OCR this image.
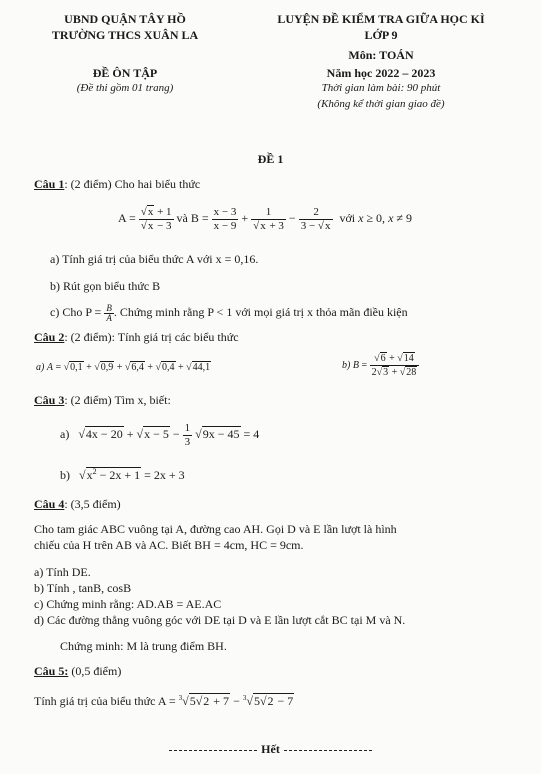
UBND QUẬN TÂY HỒ
TRƯỜNG THCS XUÂN LA
ĐỀ ÔN TẬP
(Đề thi gồm 01 trang)
LUYỆN ĐỀ KIỂM TRA GIỮA HỌC KÌ
LỚP 9
Môn: TOÁN
Năm học 2022 – 2023
Thời gian làm bài: 90 phút
(Không kể thời gian giao đề)
ĐỀ 1
Câu 1: (2 điểm) Cho hai biểu thức
$A = \frac{√x + 1}{√x - 3}$ và $B = \frac{x - 3}{x - 9} + \frac{1}{√x + 3} - \frac{2}{3 - √x}$ với x ≥ 0, x ≠ 9
a) Tính giá trị của biểu thức A với x = 0,16.
b) Rút gọn biểu thức B
c) Cho $P = \frac{B}{A}$ . Chứng minh rằng P < 1 với mọi giá trị x thỏa mãn điều kiện
Câu 2: (2 điểm): Tính giá trị các biểu thức
a) A = √0,1 + √0,9 + √6,4 + √0,4 + √44,1	b) $B = \frac{√6 + √14}{2√3 + √28}$
Câu 3: (2 điểm) Tìm x, biết:
a)   $√4x - 20 + √x - 5 - \frac{1}{3} √9x - 45 = 4$
b)   $√x^2 - 2x + 1 = 2x + 3$
Câu 4: (3,5 điểm)
Cho tam giác ABC vuông tại A, đường cao AH. Gọi D và E lần lượt là hình
chiếu của H trên AB và AC. Biết BH = 4cm, HC = 9cm.
a) Tính DE.
b) Tính , tanB, cosB
c) Chứng minh rằng: AD.AB = AE.AC
d) Các đường thẳng vuông góc với DE tại D và E lần lượt cắt BC tại M và N.
Chứng minh: M là trung điểm BH.
Câu 5: (0,5 điểm)
Tính giá trị của biểu thức A = $^3$√5√2 + 7 − $^3$√5√2 − 7
Hết
